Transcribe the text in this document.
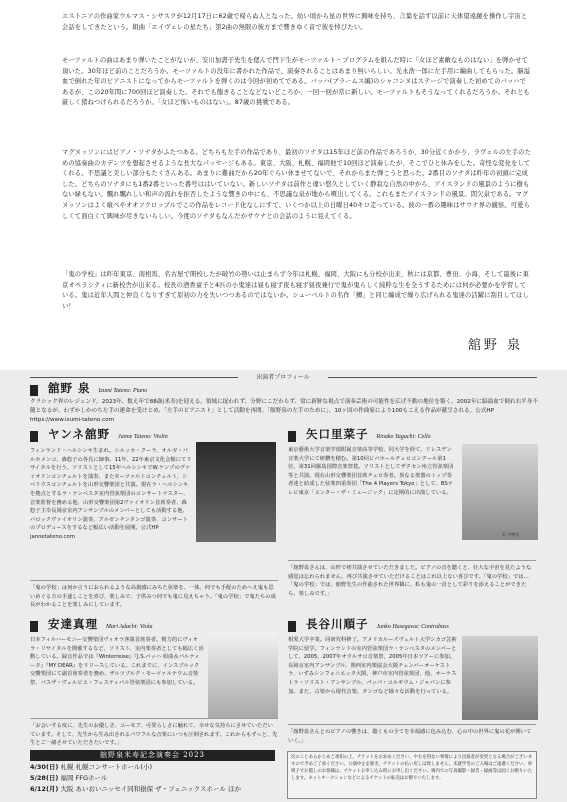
エストニアの作曲家ウルマス・シサスクが12月17日に62歳で帰らぬ人となった。幼い頃から星の世界に興味を持ち、言葉を話す以前に天体望遠鏡を操作し宇宙と会話をしてきたという。組曲「エイヴェレの星たち」第2曲の無限の彼方まで響きゆく音で彼を悼びたい。
モーツァルトの曲はあまり弾いたことがないが、安川加壽子先生を偲んで門下生がモーツァルト・プログラムを組んだ時に「女ほど素敵なものはない」を弾かせて頂いた。30年ほど前のことだろうか。モーツァルトの没年に書かれた作品で、演奏されることはあまり無いらしい。光永浩一郎に左手用に編曲してもらった。脳溢血で倒れた年のピアニストになってからモーツァルトを弾くのは今回が初めてである。バッハ(ブラームス編)のシャコンヌはステージで演奏した初めてのバッハであるが、この20年間に700回ほど演奏した。それでも飽きることなどないどころか、一回一回が常に新しい。モーツァルトもそうなってくれるだろうか。それとも厳しく猪ねつけられるだろうか。「女ほど怖いものはない」。87歳の挑戦である。
マグヌッソンにはピアノ・ソナタがふたつある。どちらも左手の作品であり、最初のソナタは15年ほど前の作品であろうか、30分近くかかり、ラヴェルの左手のための協奏曲のカデンツを想起させるような長大なパッセージもある。東京、大阪、札幌、福岡他で10回ほど演奏したが、そこでひと休みをした。奇怪な変化をしてくれる。不思議と美しい部分もたくさんある。あまりに難曲だから20年ぐらい休ませてないで、それからまた弾こうと思った。2番目のソナタは昨年の初頭に完成した。どちらのソナタにも1番2番といった番号ははいていない。新しいソナタは前作と違い悠久としていく静寂な自然の中から、アイスランドの風景のように樹もない緑もない。飄れ飄れしい和声の流れを拒否したような響きの中にも、不思議な泉が地から噴出してくる。これもまたアイスランドの風景。間欠泉である。マグヌッソンはよく喰ぺやオオフクロップルでこの作品をレコード化なしにすて、いくつか以上の日曜日40キロ走っている。彼の一番の趣味はサウナ界の観察。可愛らしくて面白くて興味が尽きないらしい。今度のソナタもなんだかサウナとの会話のように見えてくる。
「鬼の学校」は昨年東京、南相馬、名古屋で開校したが破竹の勢いは止まらず今年は札幌、福岡、大阪にも分校が出来、秋には京都、豊田、小海、そして最後に東京オペラシティに新校舎が出来る。校長の酒香童子と4匹の小鬼達は昼も寝ず夜も寝ず昼夜兼行で鬼が鬼らしく純粋な生を全うするためには何が必要かを学習している。鬼は近年人間と仲良くなりすぎて原初の力を失いつつあるのではないか。シューベルトの名作「鱒」と同じ編成で繰り広げられる鬼達の活躍に刮目してほしい！
舘野 泉
出演者プロフィール
舘野 泉 Izumi Tateno: Piano
クラシック界のレジェンド。2023年、数え年で88歳(米寿)を迎える。領域に捉われず、分野にこだわらず、常に新鮮な視点で演奏芸術の可能性を広げ不動の地位を築く。2002年に脳溢血で倒れ右半身不随となるが、わずかしかのち左手の運命を受けとめ、「左手のピアニスト」として活動を再開。「舘野泉の左手のために」、10ヶ国の作曲家により100もこえる作品が献呈される。公式HP https://www.izumi-tateno.com
ヤンネ舘野 Janne Tateno: Violin
フィンランド・ヘルシンキ生まれ。シルッカ・クーラ、オルガ・パルホメンコ、森悠子の各氏に師事。11年、22年東京文化会館にてリサイタルを行う。ソリストとして15年ヘルシンキでW.ケンプのヴァイオリンコンチェルトを演奏、またモーツァルトコンチェルト、シベリウスコンチェルトを山形交響楽団と共演。現在ラ・ヘルシンキを拠点とするラ・テンペスタ室内管弦楽団のコンサートマスター、音楽監督を務める他、山形交響楽団第2ヴァイオリン首席奏者、森悠子主宰長岡京室内アンサンブルのメンバーとしても活動する他、バロックヴァイオリン演奏、アルゼンチンタンゴ演奏、コンサートのプロデュースをするなど幅広い活動を展開。公式HP jannetateno.com
「鬼の学校」は何か言うにおられるような高揚感にみちた弦楽を。一体、何でも手配のためへえ鬼も思いめぐる方の手遂しことを喜び、楽しみで、子供みつ何でも鬼に見えちゃう。「鬼の学校」で鬼たちの成長がわかることを楽しみにしています。
矢口里菜子 Rinako Yaguchi: Cello
東京藝術大学音楽学部附属音楽高等学校、同大学を経て、ドレスデン音楽大学にて研鑽を積む。第10回ビバホールチェロコンクール第1位、第31回霧島国際音楽祭賞。ソリストとしてザクセン州立管弦楽団等と共演。現在山形交響楽団首席チェロ奏者。異なる楽器のトップ奏者達と結成した弦楽四重奏団「The 4 Players Tokyo」として、BSテレビ東京「エンター・ザ・ミュージック」に定期的に出演している。
© 平磨等
「舘野泉さんは、山形で初共演させていただきました。ピアノの音を聴くと、壮大な宇宙を見たような感覚は忘れられません。再び共演させていただけることはこれ以上ない喜びです。「鬼の学校」では…「鬼の学校」では、舘野先生の作曲された世界観に、私も鬼の一員として彩りを添えることができたら、楽しみです。」
安達真理 Mari Adachi: Viola
日本フィルハーモニー交響楽団ヴィオラ客演首席奏者。精力的にヴィオラ・リサイタルを開催するなど、ソリスト、室内楽奏者としても幅広く活動している。録音作品では『Winterreise』『J.S.バッハ 組曲＆パルティータ』『MY DEAR』をリリースしている。これまでに、インスブルック交響楽団にて副首席奏者を務め、ザルツブルク・モーツァルテウム音楽祭、パスザ・ヴェルビエ・フェスティバル管弦楽団にも参加している。
「お会いする度に、先生のお優しさ、ユーモア、可愛らしさに触れて、幸せな気持ちにさせていただいています。そして、先生から生み出されるパワフルな音楽にいつも圧倒されます。これからもずっと、先生とご一緒させていただきたいです。」
長谷川順子 Junko Hasegawa: Contrabass
相愛大学卒業。同研究科修了。アメリカルーズヴェルト大学シカゴ芸術学院に留学。フィンランドの室内管弦楽団ラ・テンペスタのメンバーとして、2005、2007年オウルサロ音楽祭、2005年日本ツアーに参加。長岡京室内アンサンブル、関西室内楽協会大阪チェンバーオーケストラ、いずみシンフォニエッタ大阪、神戸市室内管弦楽団、他、オーケストラ・ソリスト・アンサンブル、パッパ・コルギウム・ジャパンに参加。また、古楽から現代音楽、タンゴなど様々な活動を行っている。
「舘野泉さんとのピアノの響きは、聴くもの全てを幸福感に包み込む、心の中の世界に鬼の花が開いていく。」
舘野泉米寿記念演奏会 2023
4/30(日) 札幌 札幌コンサートホール(小)
5/28(日) 福岡 FFGホール
6/12(月) 大阪 あいおいニッセイ同和損保 ザ・フェニックスホール ほか
次のことあらかじめご承知の上、チケットをお求めください。やむを得ない事情により出演者が変更となる場合がございますので予めご了承ください。公演中止を除き、チケットの払い戻しは致しません。未就学児のご入場はご遠慮ください。車椅子でお越しのお客様は、チケットお申し込み時にお申し出ください。場内での写真撮影・録音・録画等は固くお断りいたします。ネットオークションなどによるチケットの転売はお断りいたします。
